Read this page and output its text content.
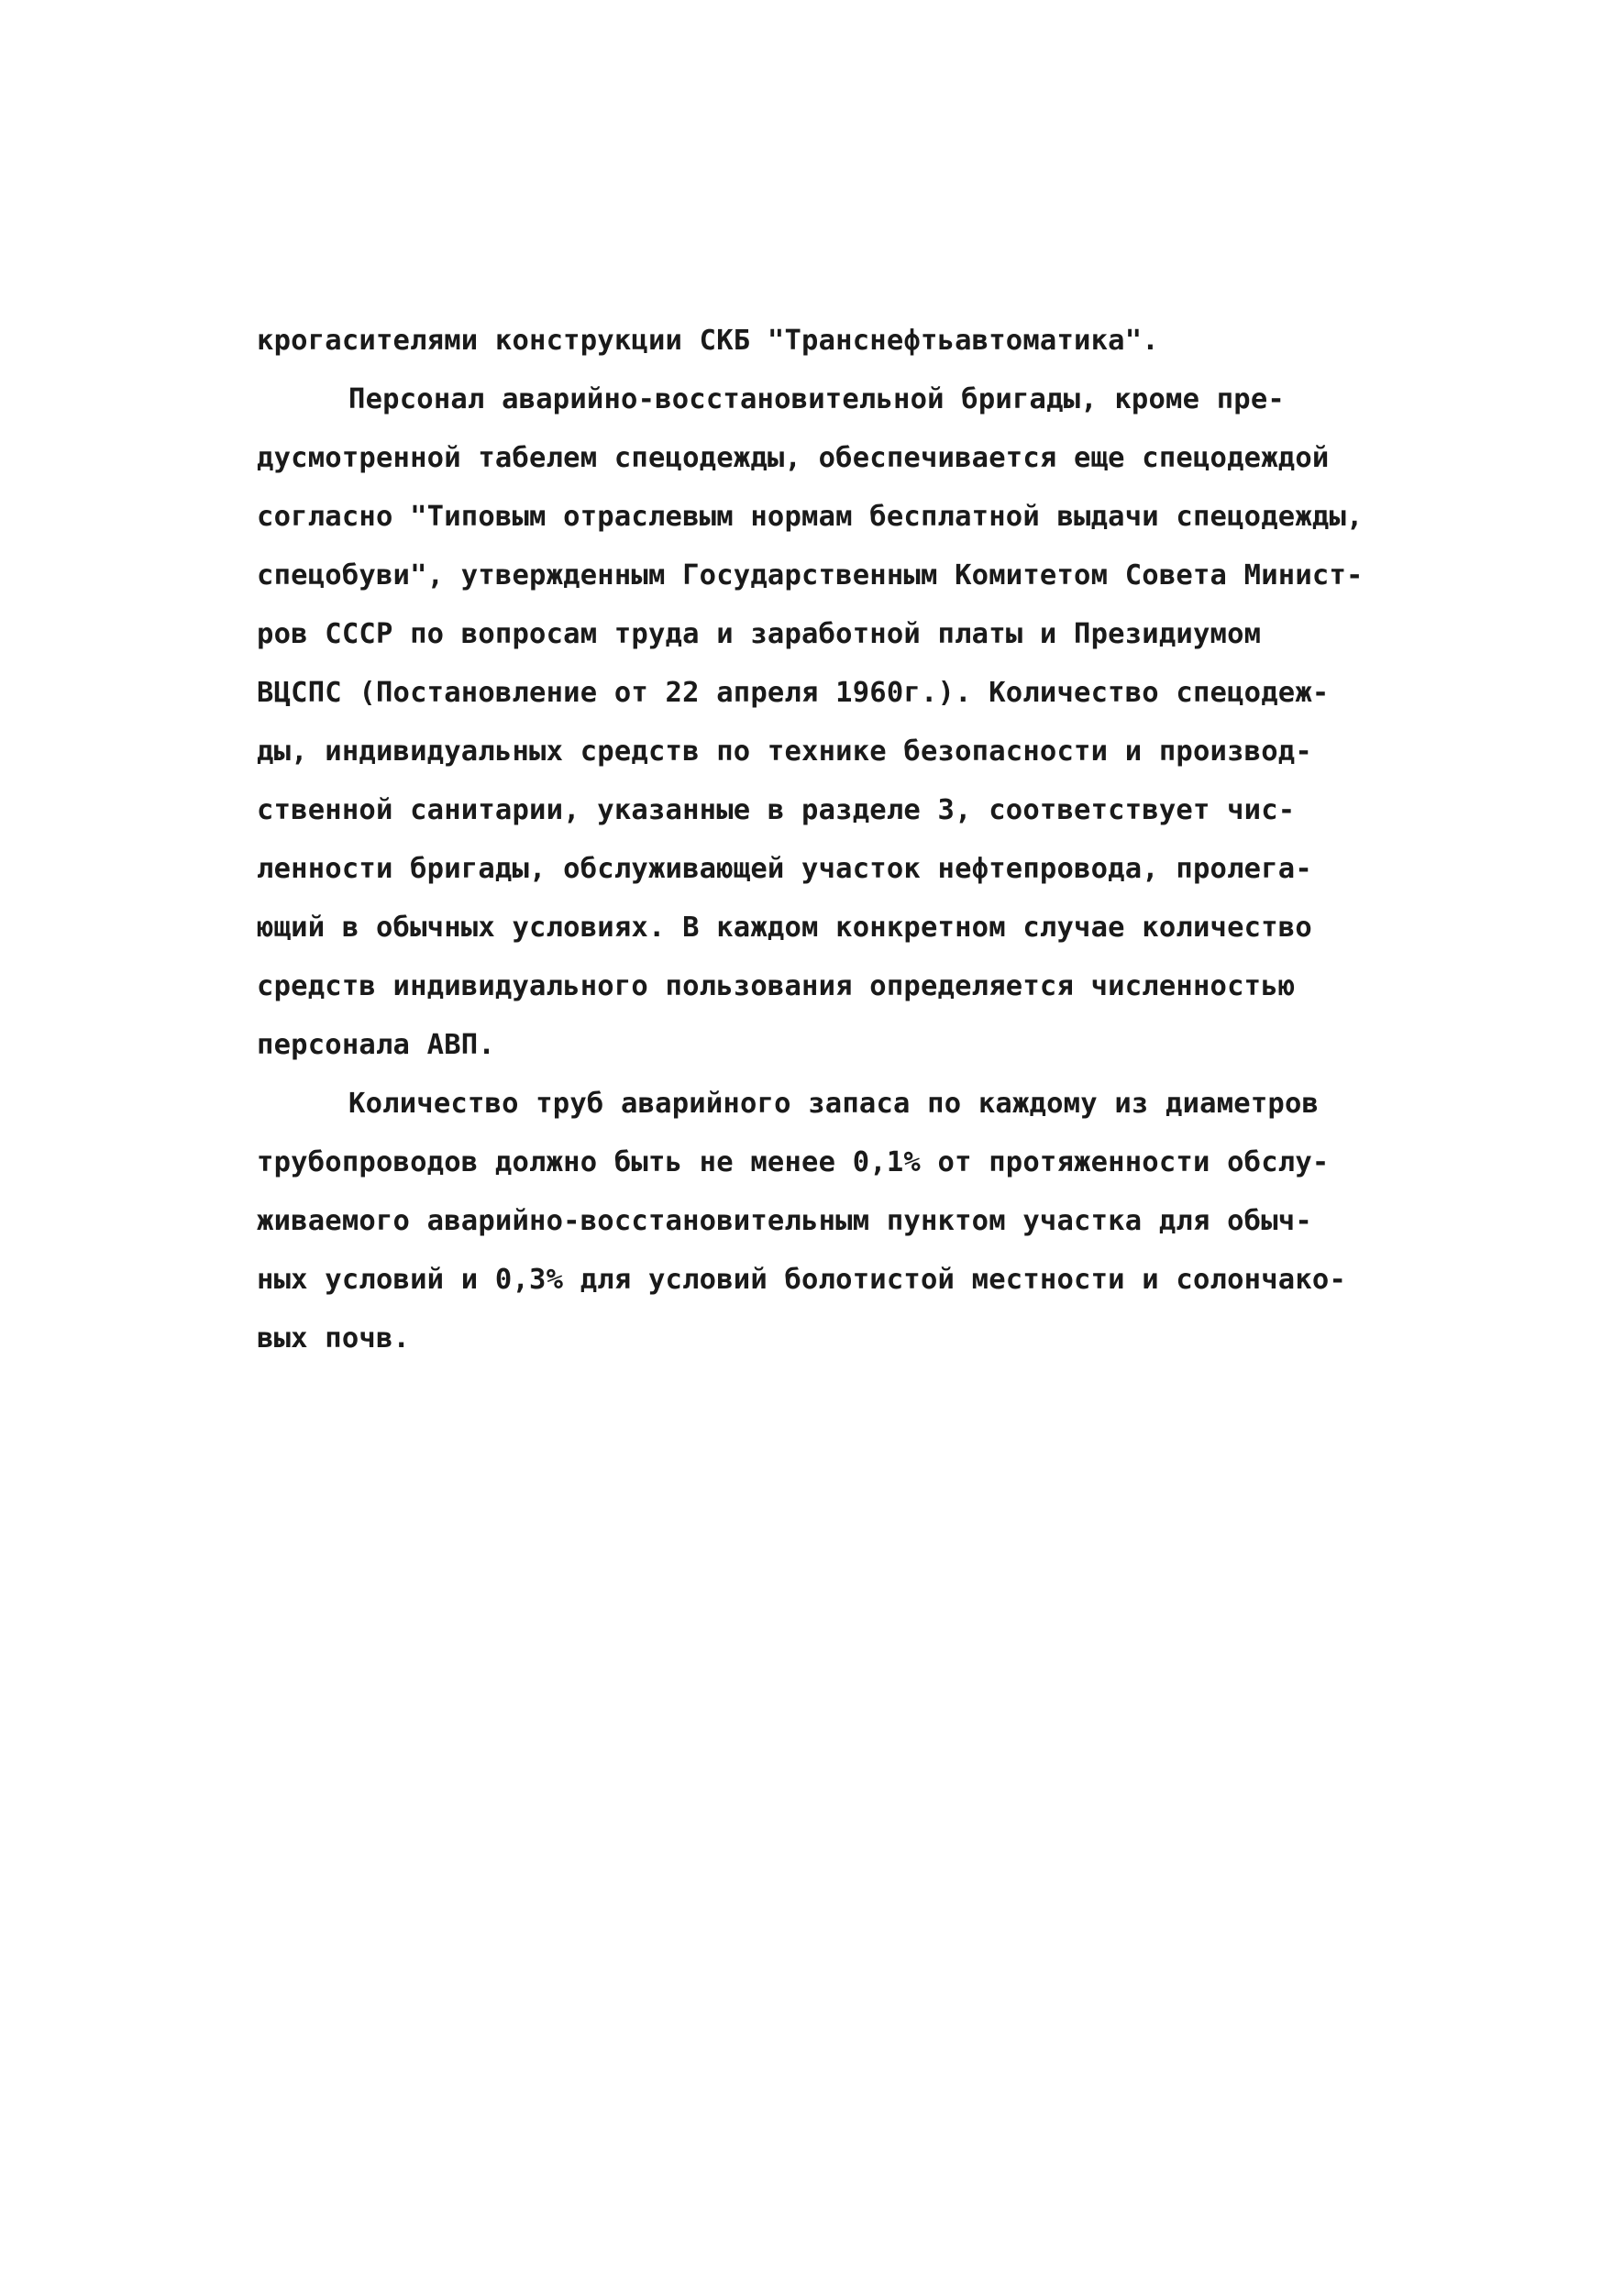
крогасителями конструкции СКБ "Транснефтьавтоматика".
Персонал аварийно-восстановительной бригады, кроме пре-
дусмотренной табелем спецодежды, обеспечивается еще спецодеждой
согласно "Типовым отраслевым нормам бесплатной выдачи спецодежды,
спецобуви", утвержденным Государственным Комитетом Совета Минист-
ров СССР по вопросам труда и заработной платы и Президиумом
ВЦСПС (Постановление от 22 апреля 1960г.). Количество спецодеж-
ды, индивидуальных средств по технике безопасности и производ-
ственной санитарии, указанные в разделе 3, соответствует чис-
ленности бригады, обслуживающей участок нефтепровода, пролега-
ющий в обычных условиях. В каждом конкретном случае количество
средств индивидуального пользования определяется численностью
персонала АВП.
Количество труб аварийного запаса по каждому из диаметров
трубопроводов должно быть не менее 0,1% от протяженности обслу-
живаемого аварийно-восстановительным пунктом участка для обыч-
ных условий и 0,3% для условий болотистой местности и солончако-
вых почв.
